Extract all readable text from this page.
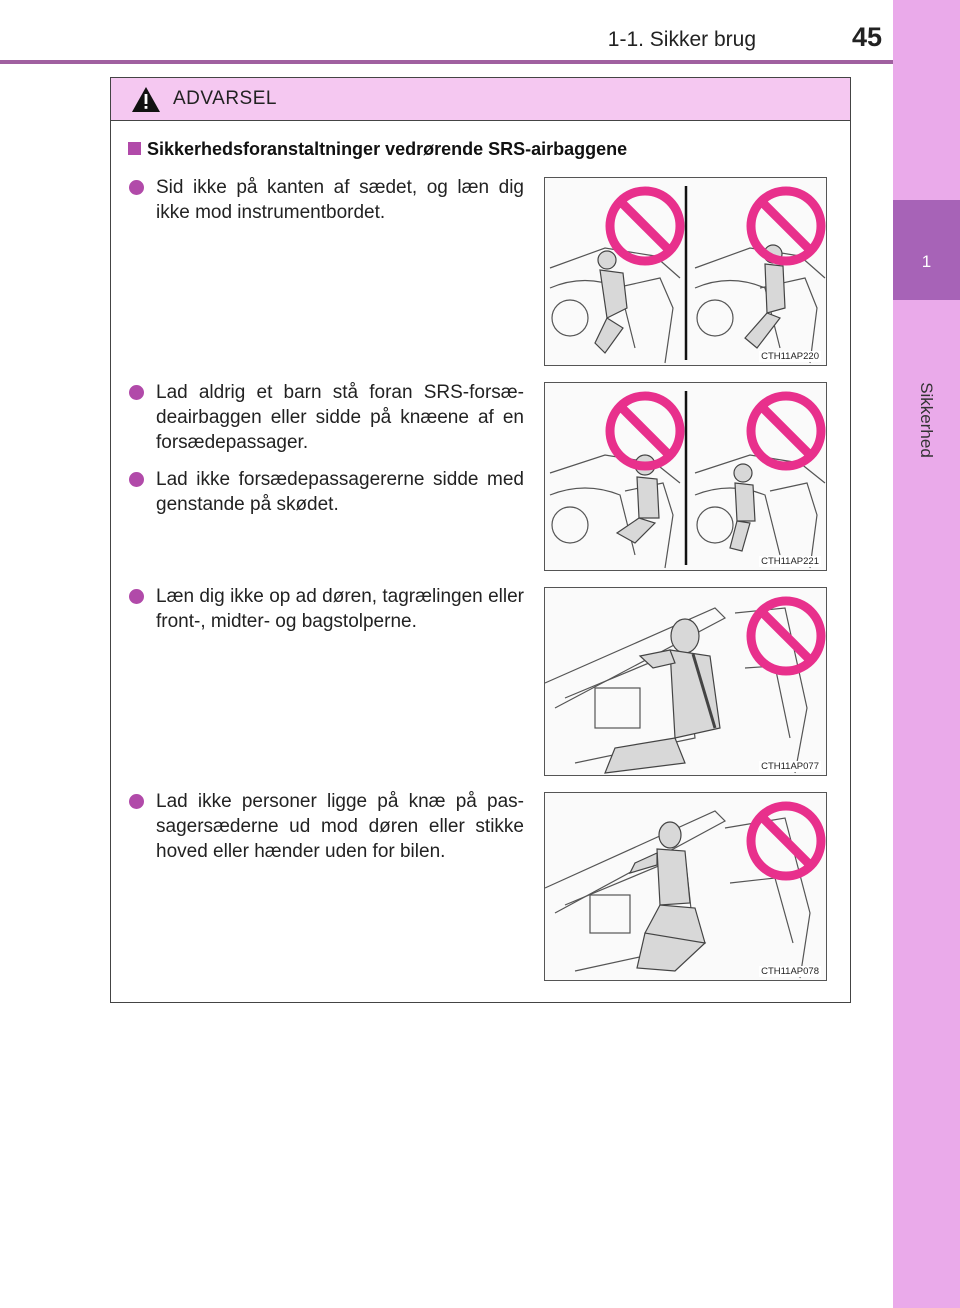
1-1. Sikker brug	45
1
Sikkerhed
ADVARSEL
Sikkerhedsforanstaltninger vedrørende SRS-airbaggene
Sid ikke på kanten af sædet, og læn dig ikke mod instrumentbordet.
Lad aldrig et barn stå foran SRS-forsæ-deairbaggen eller sidde på knæene af en forsædepassager.
Lad ikke forsædepassagererne sidde med genstande på skødet.
Læn dig ikke op ad døren, tagrælingen eller front-, midter- og bagstolperne.
Lad ikke personer ligge på knæ på pas-sagersæderne ud mod døren eller stikke hoved eller hænder uden for bilen.
CTH11AP220
CTH11AP221
CTH11AP077
CTH11AP078
